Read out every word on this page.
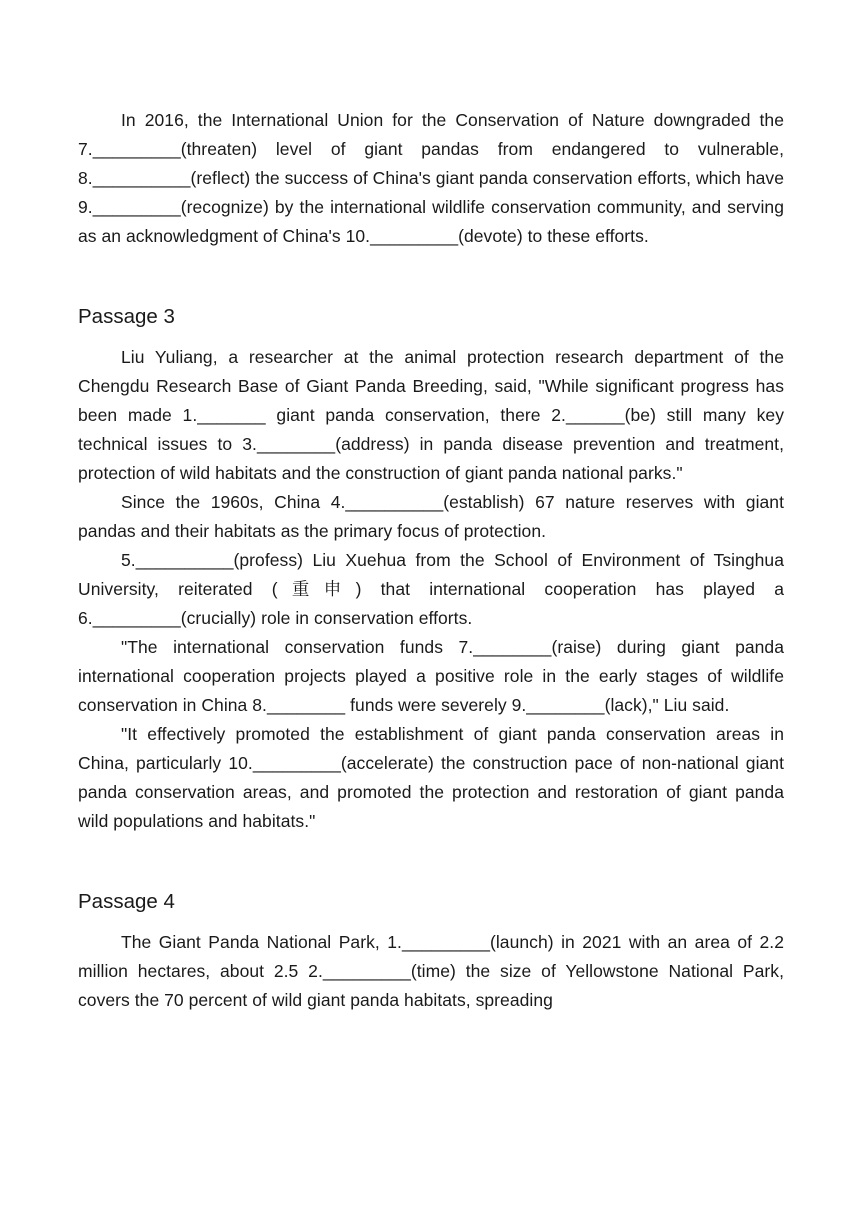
In 2016, the International Union for the Conservation of Nature downgraded the 7._________(threaten) level of giant pandas from endangered to vulnerable, 8.__________(reflect) the success of China's giant panda conservation efforts, which have 9._________(recognize) by the international wildlife conservation community, and serving as an acknowledgment of China's 10._________(devote) to these efforts.

Passage 3

Liu Yuliang, a researcher at the animal protection research department of the Chengdu Research Base of Giant Panda Breeding, said, "While significant progress has been made 1._______ giant panda conservation, there 2.______(be) still many key technical issues to 3.________(address) in panda disease prevention and treatment, protection of wild habitats and the construction of giant panda national parks."

Since the 1960s, China 4.__________(establish) 67 nature reserves with giant pandas and their habitats as the primary focus of protection.

5.__________(profess) Liu Xuehua from the School of Environment of Tsinghua University, reiterated (重申) that international cooperation has played a 6._________(crucially) role in conservation efforts.

"The international conservation funds 7.________(raise) during giant panda international cooperation projects played a positive role in the early stages of wildlife conservation in China 8.________ funds were severely 9.________(lack)," Liu said.

"It effectively promoted the establishment of giant panda conservation areas in China, particularly 10._________(accelerate) the construction pace of non-national giant panda conservation areas, and promoted the protection and restoration of giant panda wild populations and habitats."

Passage 4

The Giant Panda National Park, 1._________(launch) in 2021 with an area of 2.2 million hectares, about 2.5 2._________(time) the size of Yellowstone National Park, covers the 70 percent of wild giant panda habitats, spreading
